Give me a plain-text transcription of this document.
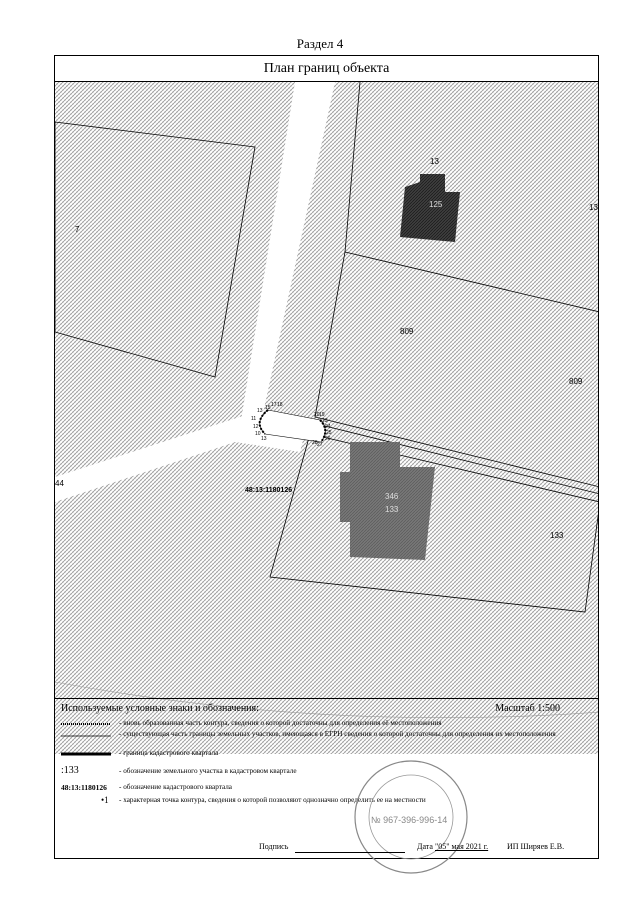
Раздел 4
План границ объекта
7
13
13
125
809
809
346
133
133
44
48:13:1180126
13 15 17 18
11
12
10
13
23
24
25
26
27
28
19
20
Используемые условные знаки и обозначения:	Масштаб 1:500
- вновь образованная часть контура, сведения о которой достаточны для определения её местоположения
- существующая часть границы земельных участков, имеющаяся в ЕГРН сведения о которой достаточны для определения их местоположения
- граница кадастрового квартала
:133	- обозначение земельного участка в кадастровом квартале
48:13:1180126 - обозначение кадастрового квартала
•1 - характерная точка контура, сведения о которой позволяют однозначно определить ее на местности
№ 967-396-996-14
Подпись	Дата "05" мая 2021 г. ИП Ширяев Е.В.
